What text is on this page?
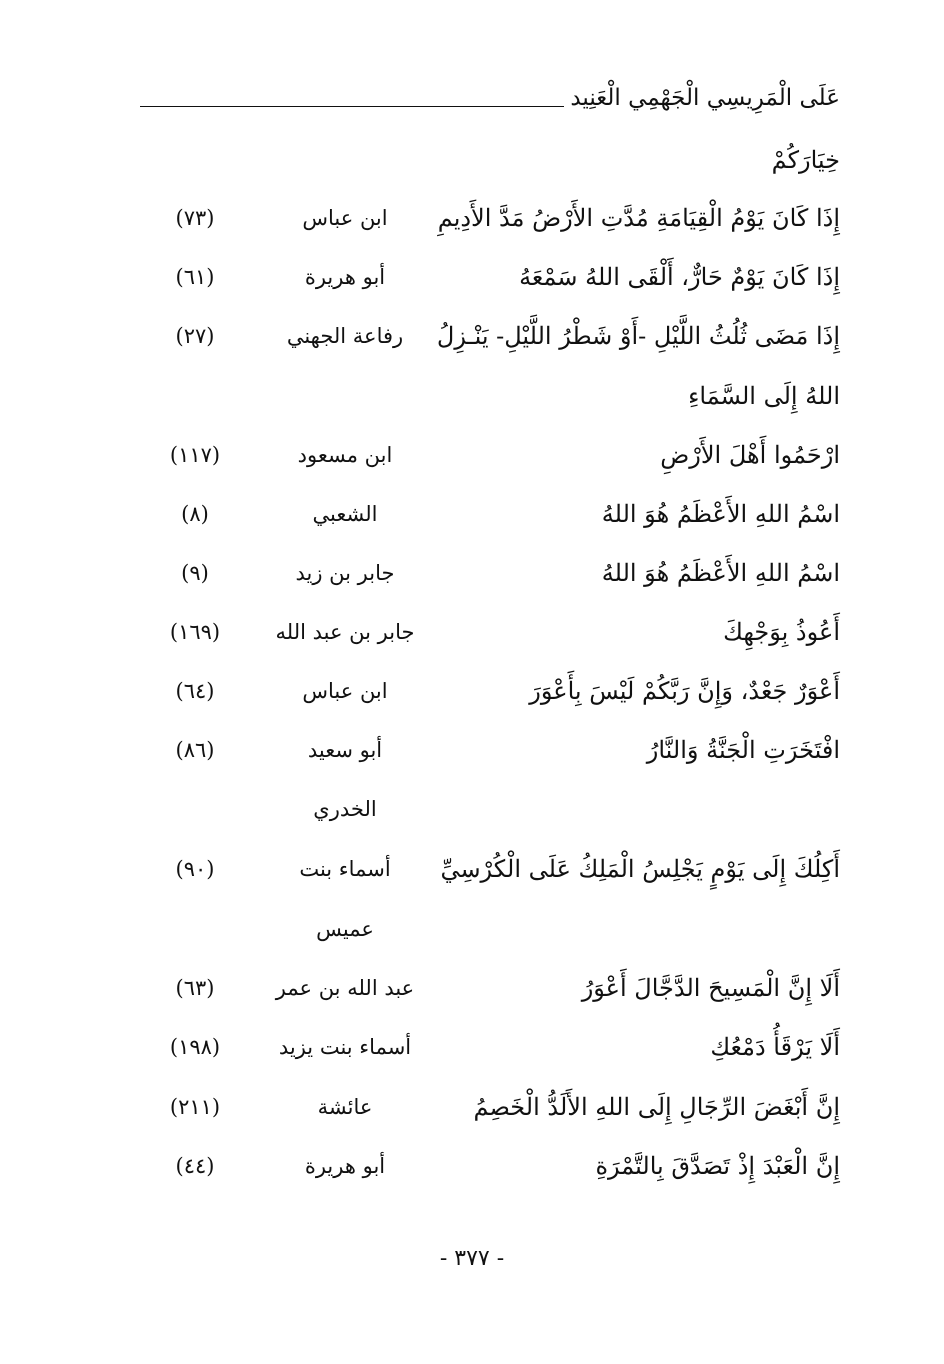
عَلَى الْمَرِيسِي الْجَهْمِي الْعَنِيد
خِيَارَكُمْ
إِذَا كَانَ يَوْمُ الْقِيَامَةِ مُدَّتِ الأَرْضُ مَدَّ الأَدِيمِ
ابن عباس
(٧٣)
إِذَا كَانَ يَوْمٌ حَارٌّ، أَلْقَى اللهُ سَمْعَهُ
أبو هريرة
(٦١)
إِذَا مَضَى ثُلُثُ اللَّيْلِ -أَوْ شَطْرُ اللَّيْلِ- يَنْـزِلُ
رفاعة الجهني
(٢٧)
اللهُ إِلَى السَّمَاءِ
ارْحَمُوا أَهْلَ الأَرْضِ
ابن مسعود
(١١٧)
اسْمُ اللهِ الأَعْظَمُ هُوَ اللهُ
الشعبي
(٨)
اسْمُ اللهِ الأَعْظَمُ هُوَ اللهُ
جابر بن زيد
(٩)
أَعُوذُ بِوَجْهِكَ
جابر بن عبد الله
(١٦٩)
أَعْوَرٌ جَعْدٌ، وَإِنَّ رَبَّكُمْ لَيْسَ بِأَعْوَرَ
ابن عباس
(٦٤)
افْتَخَرَتِ الْجَنَّةُ وَالنَّارُ
أبو سعيد
(٨٦)
الخدري
أَكِلُكَ إِلَى يَوْمٍ يَجْلِسُ الْمَلِكُ عَلَى الْكُرْسِيِّ
أسماء بنت
(٩٠)
عميس
أَلَا إِنَّ الْمَسِيحَ الدَّجَّالَ أَعْوَرُ
عبد الله بن عمر
(٦٣)
أَلَا يَرْقَأُ دَمْعُكِ
أسماء بنت يزيد
(١٩٨)
إِنَّ أَبْغَضَ الرِّجَالِ إِلَى اللهِ الأَلَدُّ الْخَصِمُ
عائشة
(٢١١)
إِنَّ الْعَبْدَ إِذْ تَصَدَّقَ بِالتَّمْرَةِ
أبو هريرة
(٤٤)
- ٣٧٧ -
